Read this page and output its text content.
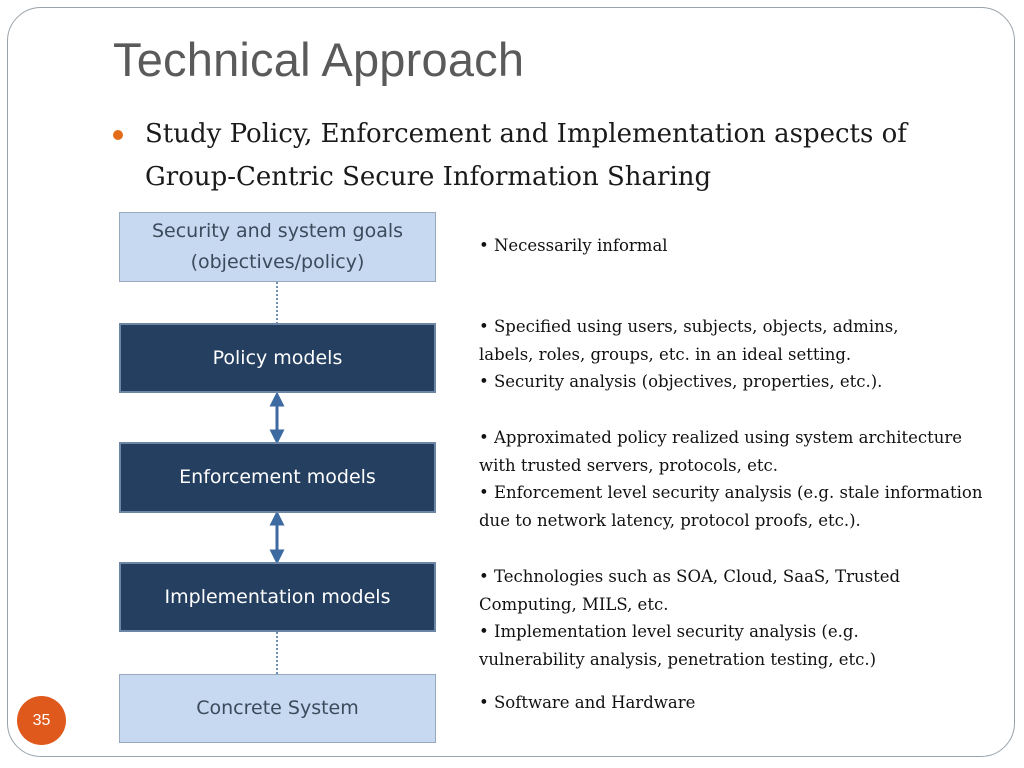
Technical Approach
Study Policy, Enforcement and Implementation aspects of Group-Centric Secure Information Sharing
Security and system goals (objectives/policy)
Policy models
Enforcement models
Implementation models
Concrete System

• Necessarily informal

• Specified using users, subjects, objects, admins,

labels, roles, groups, etc. in an ideal setting.

• Security analysis (objectives, properties, etc.).

• Approximated policy realized using system architecture

with trusted servers, protocols, etc.

• Enforcement level security analysis (e.g. stale information

due to network latency, protocol proofs, etc.).

• Technologies such as SOA, Cloud, SaaS, Trusted

Computing, MILS, etc.

• Implementation level security analysis (e.g.

vulnerability analysis, penetration testing, etc.)

• Software and Hardware

35
